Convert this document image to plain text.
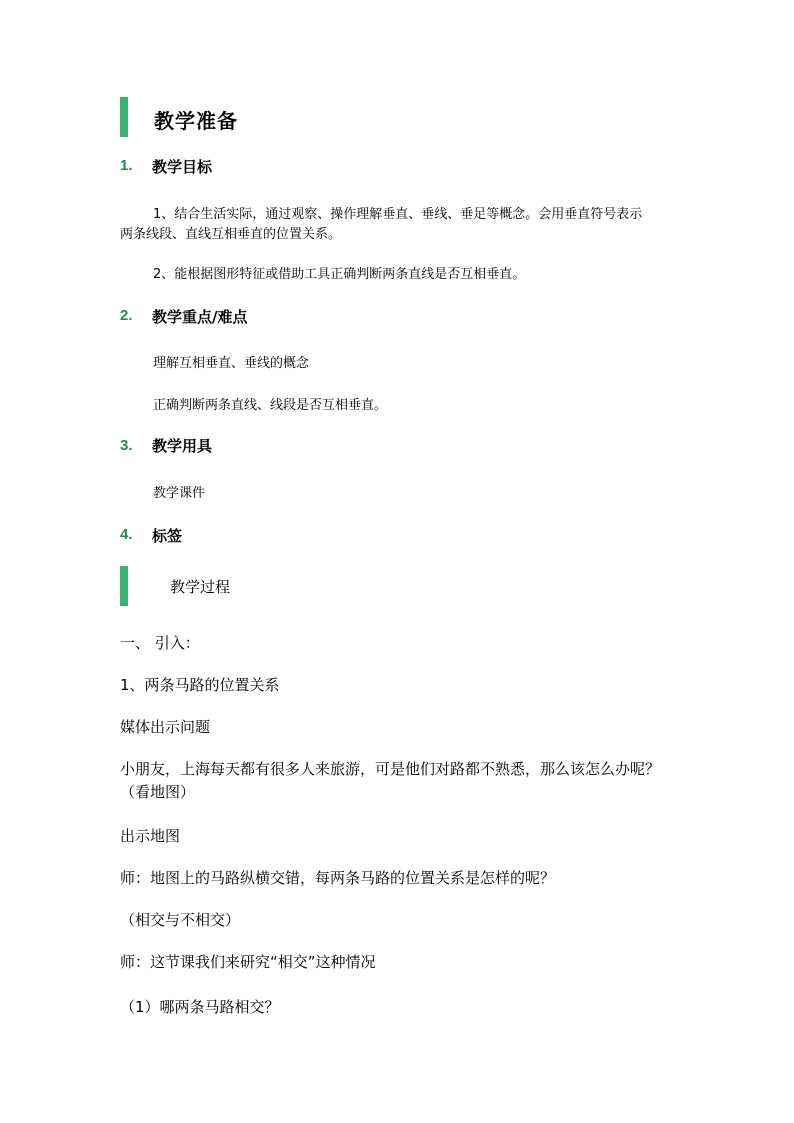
教学准备
1. 教学目标
1、结合生活实际，通过观察、操作理解垂直、垂线、垂足等概念。会用垂直符号表示
两条线段、直线互相垂直的位置关系。
2、能根据图形特征或借助工具正确判断两条直线是否互相垂直。
2. 教学重点/难点
理解互相垂直、垂线的概念
正确判断两条直线、线段是否互相垂直。
3. 教学用具
教学课件
4. 标签
教学过程
一、 引入：
1、两条马路的位置关系
媒体出示问题
小朋友，上海每天都有很多人来旅游，可是他们对路都不熟悉，那么该怎么办呢？
（看地图）
出示地图
师：地图上的马路纵横交错，每两条马路的位置关系是怎样的呢？
（相交与不相交）
师：这节课我们来研究“相交”这种情况
（1）哪两条马路相交？
